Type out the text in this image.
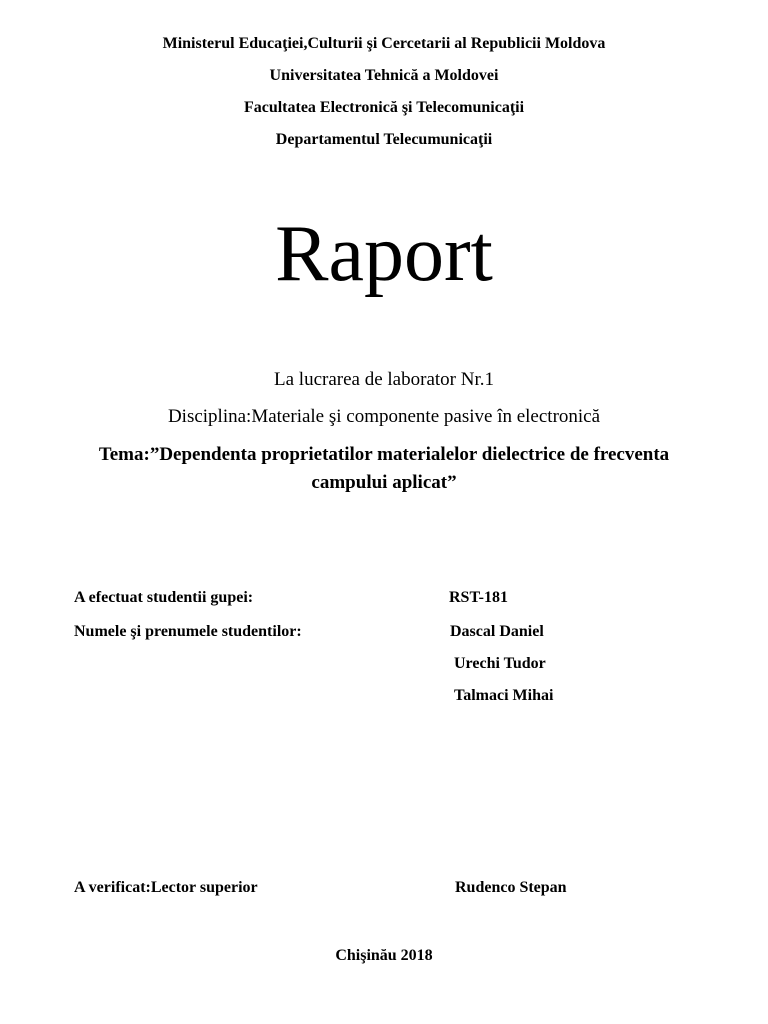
Ministerul Educaţiei,Culturii şi Cercetarii al Republicii Moldova
Universitatea Tehnică a Moldovei
Facultatea Electronică şi Telecomunicaţii
Departamentul Telecumunicaţii
Raport
La lucrarea de laborator Nr.1
Disciplina:Materiale şi componente pasive în electronică
Tema:”Dependenta proprietatilor materialelor dielectrice de frecventa
campului aplicat”
A efectuat studentii gupei:	RST-181
Numele şi prenumele studentilor:	Dascal Daniel
Urechi Tudor
Talmaci Mihai
A verificat:Lector superior	Rudenco Stepan
Chişinău 2018
